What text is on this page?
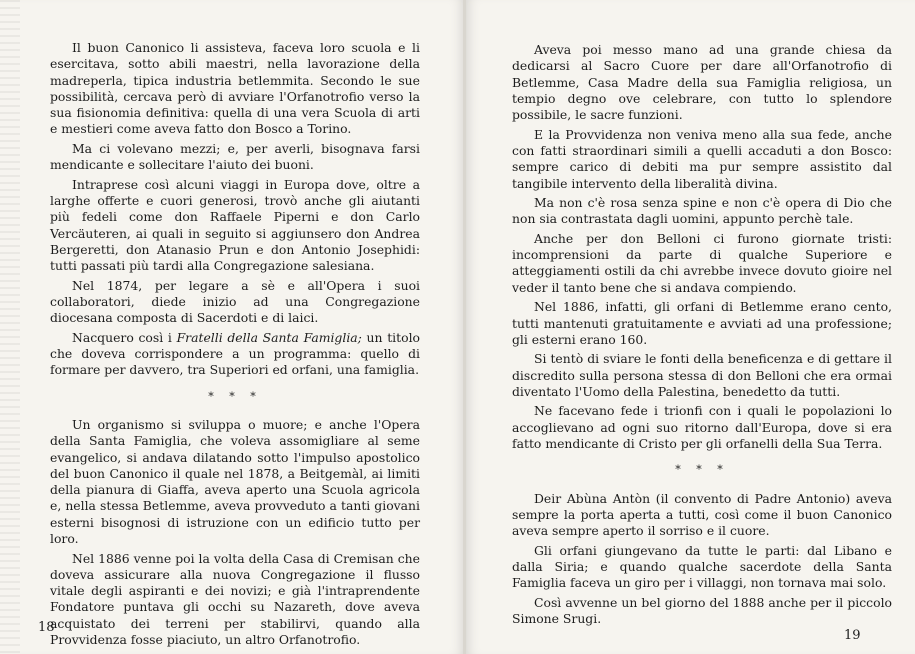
Il buon Canonico li assisteva, faceva loro scuola e li esercitava, sotto abili maestri, nella lavorazione della madreperla, tipica industria betlemmita. Secondo le sue possibilità, cercava però di avviare l'Orfanotrofio verso la sua fisionomia definitiva: quella di una vera Scuola di arti e mestieri come aveva fatto don Bosco a Torino.

Ma ci volevano mezzi; e, per averli, bisognava farsi mendicante e sollecitare l'aiuto dei buoni.

Intraprese così alcuni viaggi in Europa dove, oltre a larghe offerte e cuori generosi, trovò anche gli aiutanti più fedeli come don Raffaele Piperni e don Carlo Vercäuteren, ai quali in seguito si aggiunsero don Andrea Bergeretti, don Atanasio Prun e don Antonio Josephidi: tutti passati più tardi alla Congregazione salesiana.

Nel 1874, per legare a sè e all'Opera i suoi collaboratori, diede inizio ad una Congregazione diocesana composta di Sacerdoti e di laici.

Nacquero così i Fratelli della Santa Famiglia; un titolo che doveva corrispondere a un programma: quello di formare per davvero, tra Superiori ed orfani, una famiglia.

* * *

Un organismo si sviluppa o muore; e anche l'Opera della Santa Famiglia, che voleva assomigliare al seme evangelico, si andava dilatando sotto l'impulso apostolico del buon Canonico il quale nel 1878, a Beitgemàl, ai limiti della pianura di Giaffa, aveva aperto una Scuola agricola e, nella stessa Betlemme, aveva provveduto a tanti giovani esterni bisognosi di istruzione con un edificio tutto per loro.

Nel 1886 venne poi la volta della Casa di Cremisan che doveva assicurare alla nuova Congregazione il flusso vitale degli aspiranti e dei novizi; e già l'intraprendente Fondatore puntava gli occhi su Nazareth, dove aveva acquistato dei terreni per stabilirvi, quando alla Provvidenza fosse piaciuto, un altro Orfanotrofio.

18

Aveva poi messo mano ad una grande chiesa da dedicarsi al Sacro Cuore per dare all'Orfanotrofio di Betlemme, Casa Madre della sua Famiglia religiosa, un tempio degno ove celebrare, con tutto lo splendore possibile, le sacre funzioni.

E la Provvidenza non veniva meno alla sua fede, anche con fatti straordinari simili a quelli accaduti a don Bosco: sempre carico di debiti ma pur sempre assistito dal tangibile intervento della liberalità divina.

Ma non c'è rosa senza spine e non c'è opera di Dio che non sia contrastata dagli uomini, appunto perchè tale.

Anche per don Belloni ci furono giornate tristi: incomprensioni da parte di qualche Superiore e atteggiamenti ostili da chi avrebbe invece dovuto gioire nel veder il tanto bene che si andava compiendo.

Nel 1886, infatti, gli orfani di Betlemme erano cento, tutti mantenuti gratuitamente e avviati ad una professione; gli esterni erano 160.

Si tentò di sviare le fonti della beneficenza e di gettare il discredito sulla persona stessa di don Belloni che era ormai diventato l'Uomo della Palestina, benedetto da tutti.

Ne facevano fede i trionfi con i quali le popolazioni lo accoglievano ad ogni suo ritorno dall'Europa, dove si era fatto mendicante di Cristo per gli orfanelli della Sua Terra.

* * *

Deir Abùna Antòn (il convento di Padre Antonio) aveva sempre la porta aperta a tutti, così come il buon Canonico aveva sempre aperto il sorriso e il cuore.

Gli orfani giungevano da tutte le parti: dal Libano e dalla Siria; e quando qualche sacerdote della Santa Famiglia faceva un giro per i villaggi, non tornava mai solo.

Così avvenne un bel giorno del 1888 anche per il piccolo Simone Srugi.

19
